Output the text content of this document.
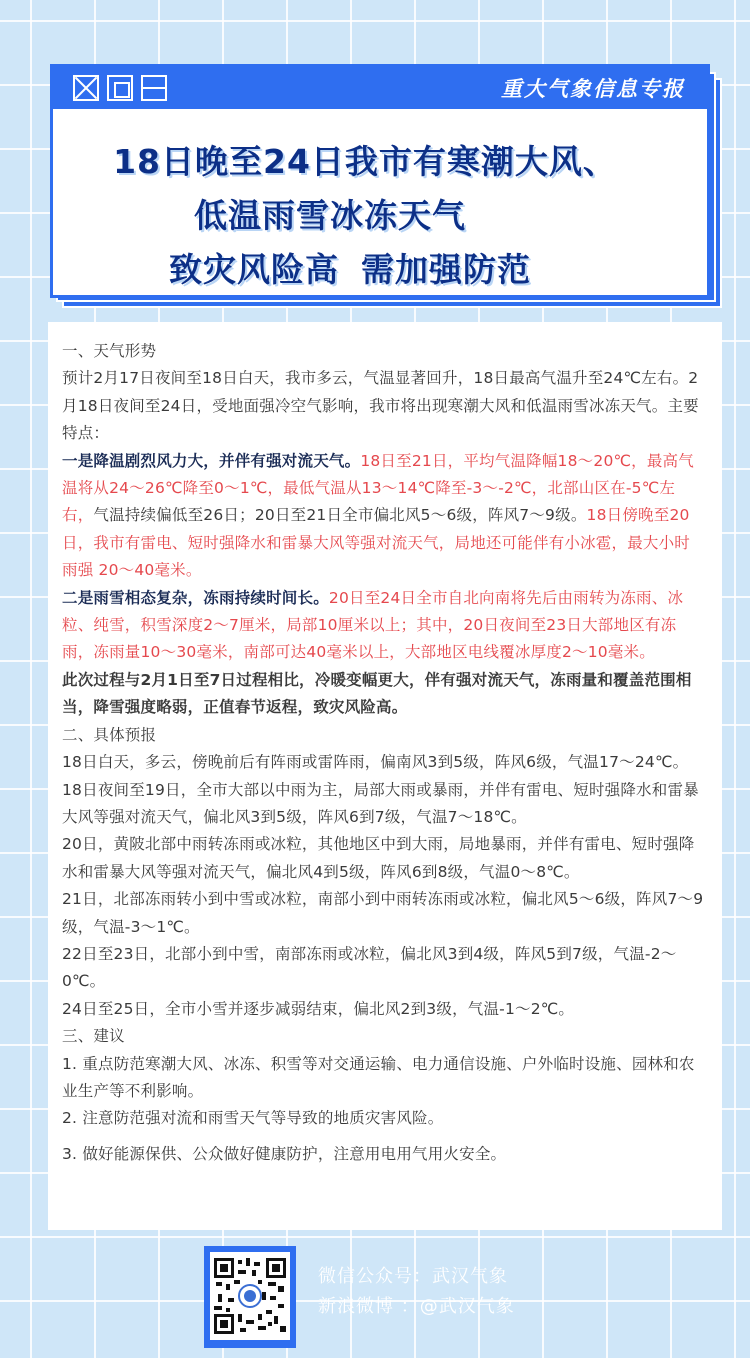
重大气象信息专报
18日晚至24日我市有寒潮大风、
低温雨雪冰冻天气
致灾风险高 需加强防范

一、天气形势

预计2月17日夜间至18日白天，我市多云，气温显著回升，18日最高气温升至24℃左右。2月18日夜间至24日，受地面强冷空气影响，我市将出现寒潮大风和低温雨雪冰冻天气。主要特点：

一是降温剧烈风力大，并伴有强对流天气。18日至21日，平均气温降幅18～20℃，最高气温将从24～26℃降至0～1℃，最低气温从13～14℃降至-3～-2℃，北部山区在-5℃左右，气温持续偏低至26日；20日至21日全市偏北风5～6级，阵风7～9级。18日傍晚至20日，我市有雷电、短时强降水和雷暴大风等强对流天气，局地还可能伴有小冰雹，最大小时雨强 20～40毫米。

二是雨雪相态复杂，冻雨持续时间长。20日至24日全市自北向南将先后由雨转为冻雨、冰粒、纯雪，积雪深度2～7厘米，局部10厘米以上；其中，20日夜间至23日大部地区有冻雨，冻雨量10～30毫米，南部可达40毫米以上，大部地区电线覆冰厚度2～10毫米。

此次过程与2月1日至7日过程相比，冷暖变幅更大，伴有强对流天气，冻雨量和覆盖范围相当，降雪强度略弱，正值春节返程，致灾风险高。

二、具体预报

18日白天，多云，傍晚前后有阵雨或雷阵雨，偏南风3到5级，阵风6级，气温17～24℃。

18日夜间至19日，全市大部以中雨为主，局部大雨或暴雨，并伴有雷电、短时强降水和雷暴大风等强对流天气，偏北风3到5级，阵风6到7级，气温7～18℃。

20日，黄陂北部中雨转冻雨或冰粒，其他地区中到大雨，局地暴雨，并伴有雷电、短时强降水和雷暴大风等强对流天气，偏北风4到5级，阵风6到8级，气温0～8℃。

21日，北部冻雨转小到中雪或冰粒，南部小到中雨转冻雨或冰粒，偏北风5～6级，阵风7～9级，气温-3～1℃。

22日至23日，北部小到中雪，南部冻雨或冰粒，偏北风3到4级，阵风5到7级，气温-2～0℃。

24日至25日，全市小雪并逐步减弱结束，偏北风2到3级，气温-1～2℃。

三、建议

1. 重点防范寒潮大风、冰冻、积雪等对交通运输、电力通信设施、户外临时设施、园林和农业生产等不利影响。

2. 注意防范强对流和雨雪天气等导致的地质灾害风险。

3. 做好能源保供、公众做好健康防护，注意用电用气用火安全。

微信公众号：武汉气象
新浪微博 ：@武汉气象
